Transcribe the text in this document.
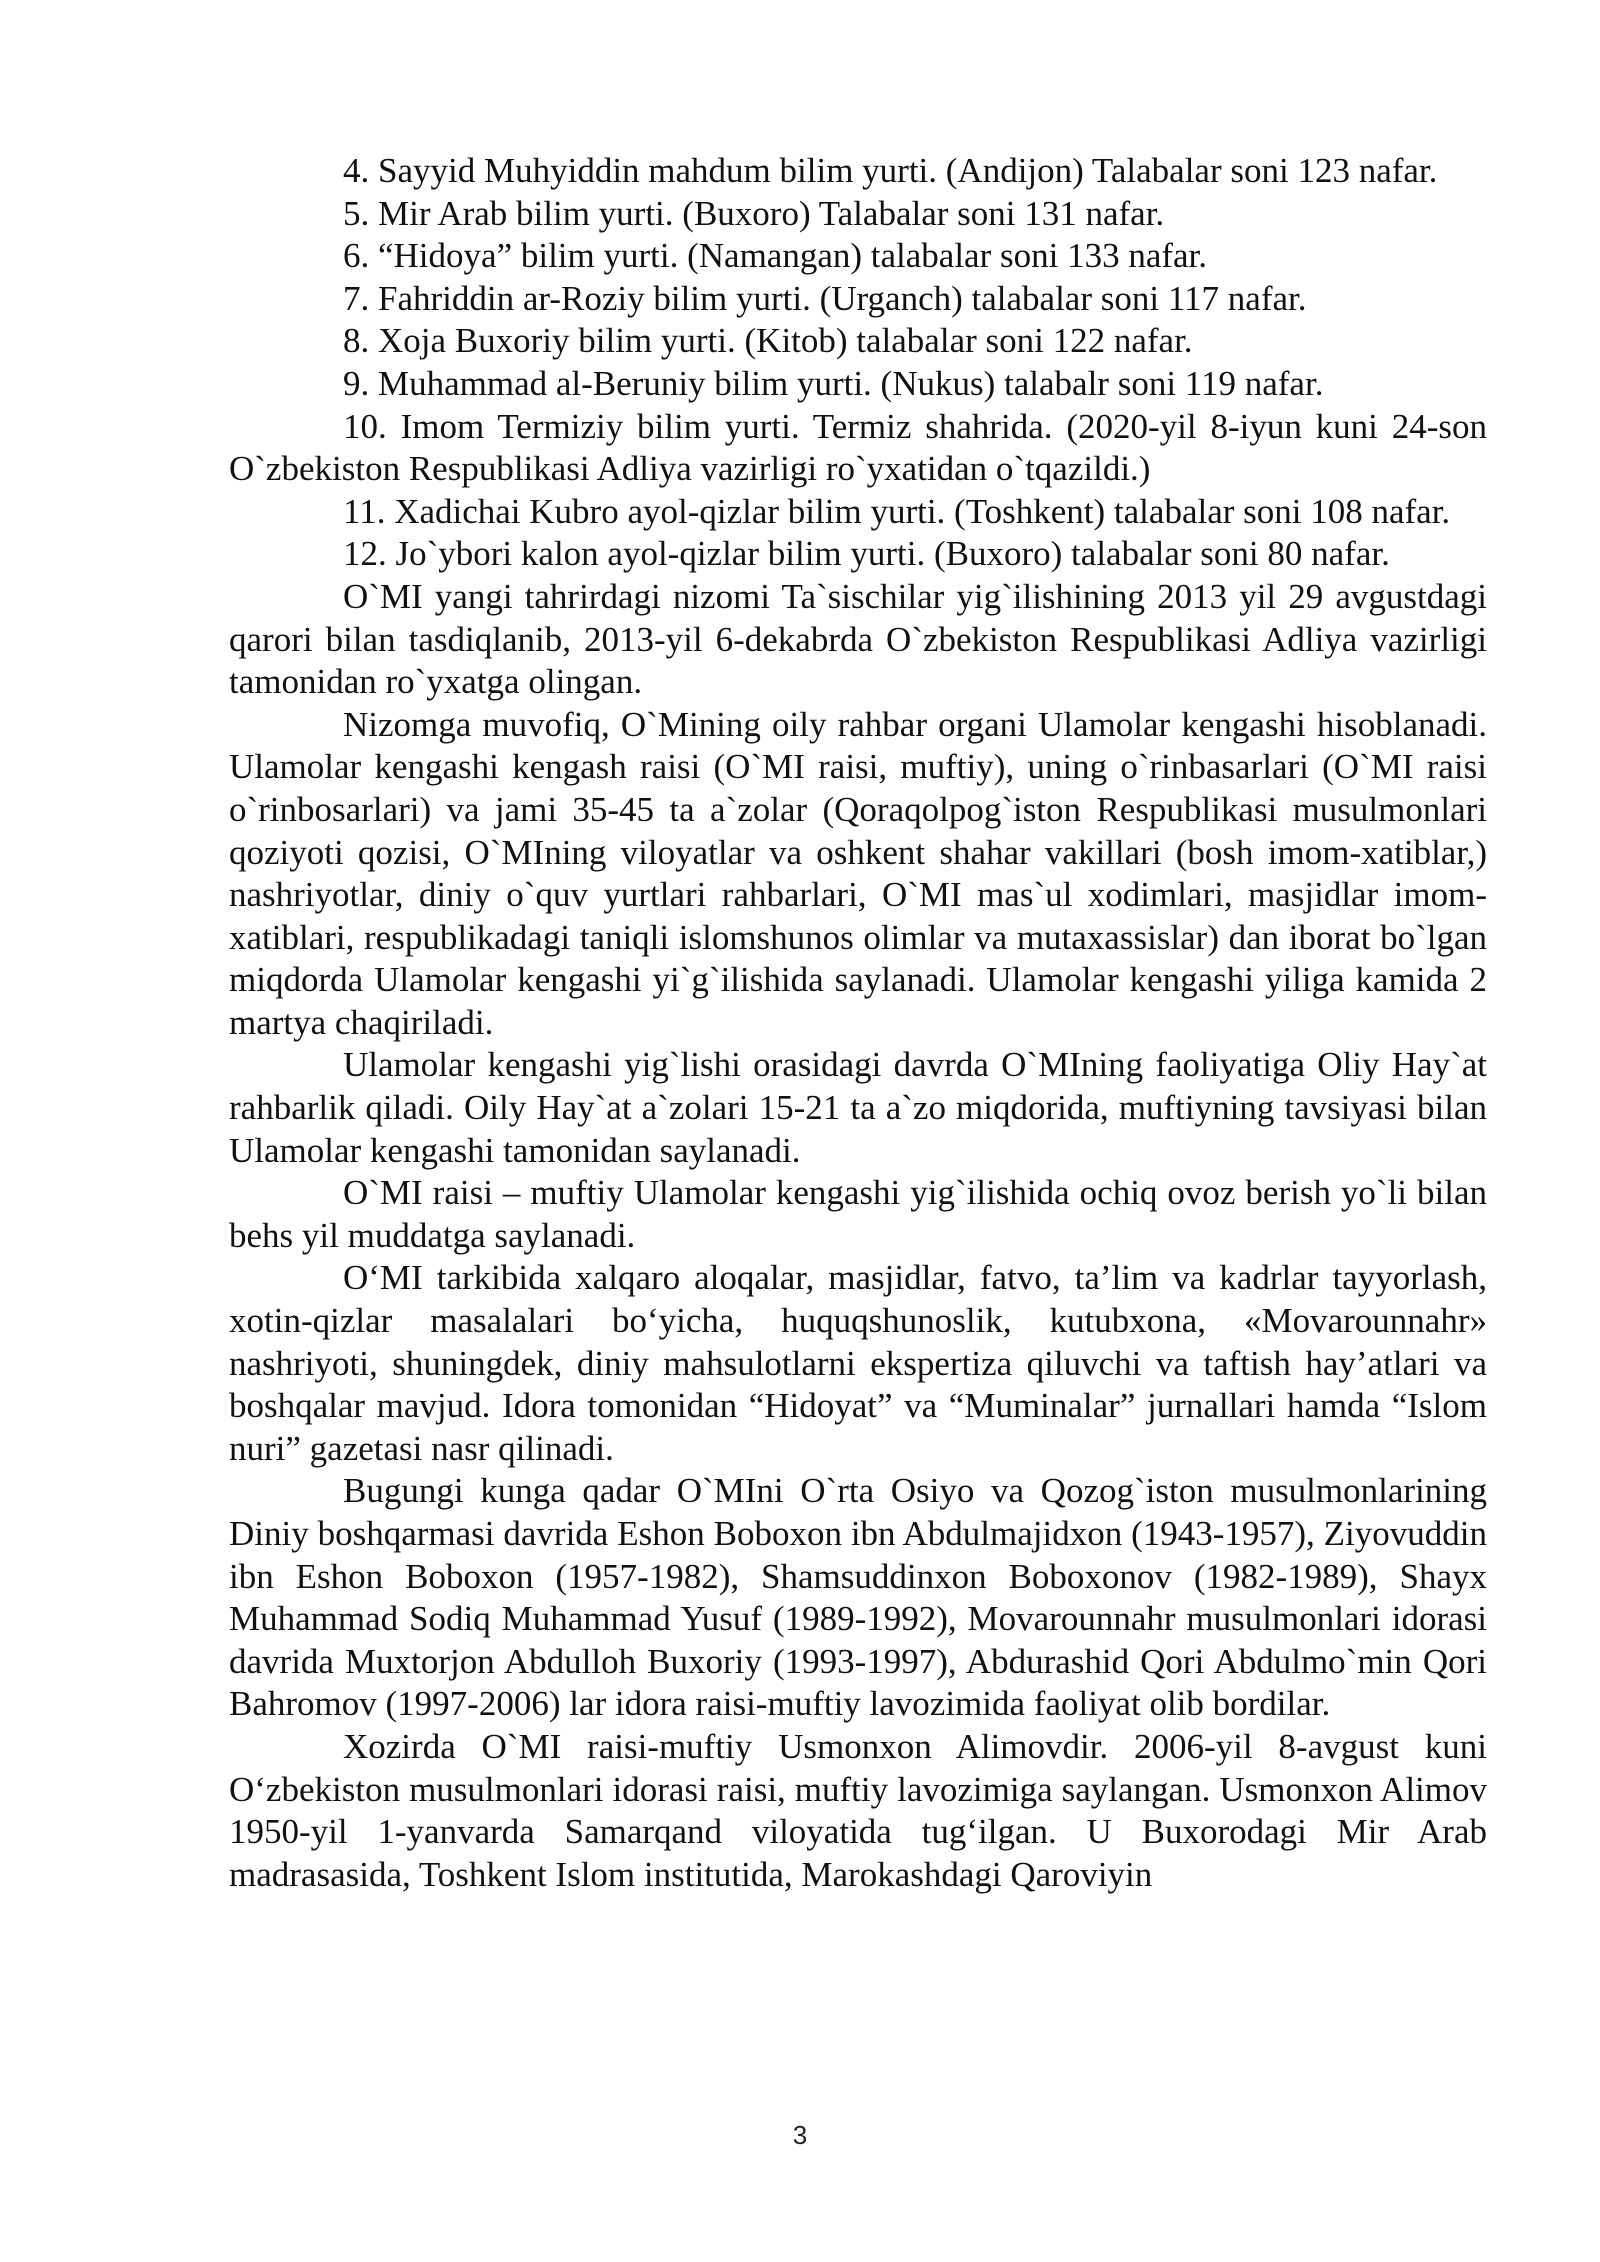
4. Sayyid Muhyiddin mahdum bilim yurti. (Andijon) Talabalar soni 123 nafar.

5. Mir Arab bilim yurti. (Buxoro) Talabalar soni 131 nafar.

6. “Hidoya” bilim yurti. (Namangan) talabalar soni 133 nafar.

7. Fahriddin ar-Roziy bilim yurti. (Urganch) talabalar soni 117 nafar.

8. Xoja Buxoriy bilim yurti. (Kitob) talabalar soni 122 nafar.

9. Muhammad al-Beruniy bilim yurti. (Nukus) talabalr soni 119 nafar.

10. Imom Termiziy bilim yurti. Termiz shahrida. (2020-yil 8-iyun kuni 24-son O`zbekiston Respublikasi Adliya vazirligi ro`yxatidan o`tqazildi.)

11. Xadichai Kubro ayol-qizlar bilim yurti. (Toshkent) talabalar soni 108 nafar.

12. Jo`ybori kalon ayol-qizlar bilim yurti. (Buxoro) talabalar soni 80 nafar.

O`MI yangi tahrirdagi nizomi Ta`sischilar yig`ilishining 2013 yil 29 avgustdagi qarori bilan tasdiqlanib, 2013-yil 6-dekabrda O`zbekiston Respublikasi Adliya vazirligi tamonidan ro`yxatga olingan.

Nizomga muvofiq, O`Mining oily rahbar organi Ulamolar kengashi hisoblanadi. Ulamolar kengashi kengash raisi (O`MI raisi, muftiy), uning o`rinbasarlari (O`MI raisi o`rinbosarlari) va jami 35-45 ta a`zolar (Qoraqolpog`iston Respublikasi musulmonlari qoziyoti qozisi, O`MIning viloyatlar va oshkent shahar vakillari (bosh imom-xatiblar,) nashriyotlar, diniy o`quv yurtlari rahbarlari, O`MI mas`ul xodimlari, masjidlar imom-xatiblari, respublikadagi taniqli islomshunos olimlar va mutaxassislar) dan iborat bo`lgan miqdorda Ulamolar kengashi yi`g`ilishida saylanadi. Ulamolar kengashi yiliga kamida 2 martya chaqiriladi.

Ulamolar kengashi yig`lishi orasidagi davrda O`MIning faoliyatiga Oliy Hay`at rahbarlik qiladi. Oily Hay`at a`zolari 15-21 ta a`zo miqdorida, muftiyning tavsiyasi bilan Ulamolar kengashi tamonidan saylanadi.

O`MI raisi – muftiy Ulamolar kengashi yig`ilishida ochiq ovoz berish yo`li bilan behs yil muddatga saylanadi.

O‘MI tarkibida xalqaro aloqalar, masjidlar, fatvo, ta’lim va kadrlar tayyorlash, xotin-qizlar masalalari bo‘yicha, huquqshunoslik, kutubxona, «Movarounnahr» nashriyoti, shuningdek, diniy mahsulotlarni ekspertiza qiluvchi va taftish hay’atlari va boshqalar mavjud. Idora tomonidan “Hidoyat” va “Muminalar” jurnallari hamda “Islom nuri” gazetasi nasr qilinadi.

Bugungi kunga qadar O`MIni O`rta Osiyo va Qozog`iston musulmonlarining Diniy boshqarmasi davrida Eshon Boboxon ibn Abdulmajidxon (1943-1957), Ziyovuddin ibn Eshon Boboxon (1957-1982), Shamsuddinxon Boboxonov (1982-1989), Shayx Muhammad Sodiq Muhammad Yusuf (1989-1992), Movarounnahr musulmonlari idorasi davrida Muxtorjon Abdulloh Buxoriy (1993-1997), Abdurashid Qori Abdulmo`min Qori Bahromov (1997-2006) lar idora raisi-muftiy lavozimida faoliyat olib bordilar.

Xozirda O`MI raisi-muftiy Usmonxon Alimovdir. 2006-yil 8-avgust kuni O‘zbekiston musulmonlari idorasi raisi, muftiy lavozimiga saylangan. Usmonxon Alimov 1950-yil 1-yanvarda Samarqand viloyatida tug‘ilgan. U Buxorodagi Mir Arab madrasasida, Toshkent Islom institutida, Marokashdagi Qaroviyin

3
